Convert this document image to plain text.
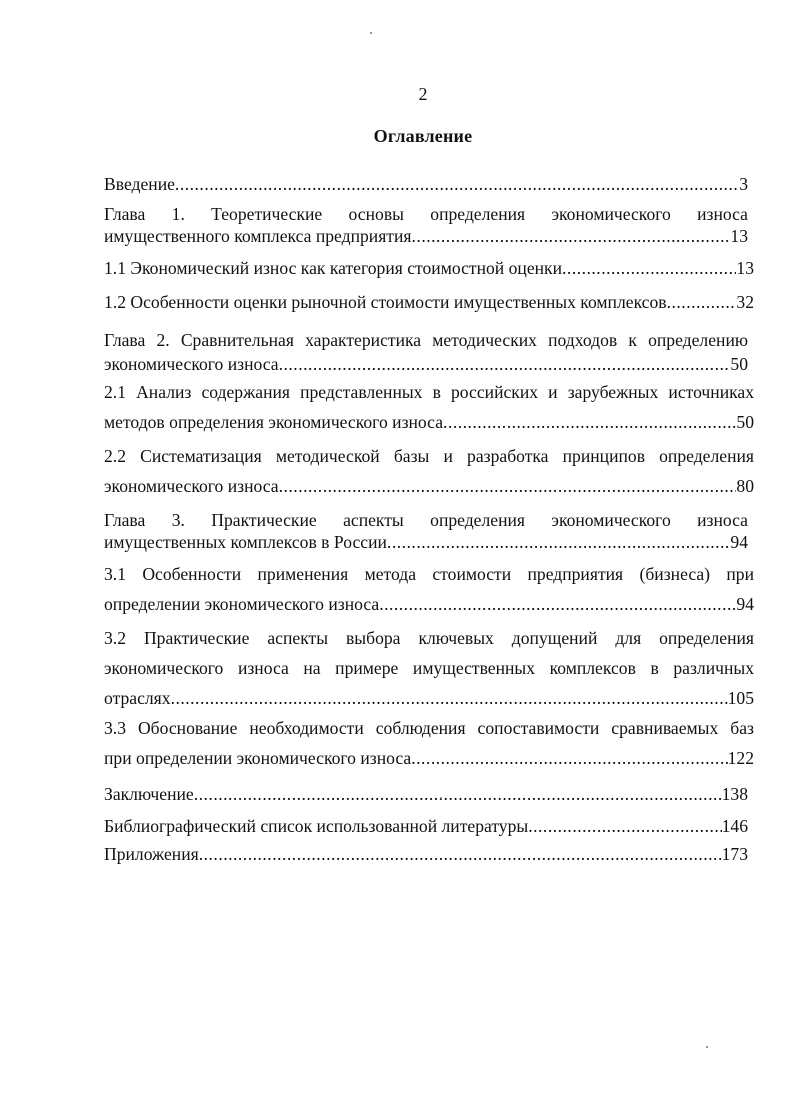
2
Оглавление
Введение .....	3
Глава 1. Теоретические основы определения экономического износа
имущественного комплекса предприятия .....	13
1.1 Экономический износ как категория стоимостной оценки .....	13
1.2 Особенности оценки рыночной стоимости имущественных комплексов .....	32
Глава 2. Сравнительная характеристика методических подходов к определению
экономического износа .....	50
2.1 Анализ содержания представленных в российских и зарубежных источниках
методов определения экономического износа .....	50
2.2 Систематизация методической базы и разработка принципов определения
экономического износа .....	80
Глава 3. Практические аспекты определения экономического износа
имущественных комплексов в России .....	94
3.1 Особенности применения метода стоимости предприятия (бизнеса) при
определении экономического износа .....	94
3.2 Практические аспекты выбора ключевых допущений для определения
экономического износа на примере имущественных комплексов в различных
отраслях .....	105
3.3 Обоснование необходимости соблюдения сопоставимости сравниваемых баз
при определении экономического износа .....	122
Заключение .....	138
Библиографический список использованной литературы .....	146
Приложения .....	173
